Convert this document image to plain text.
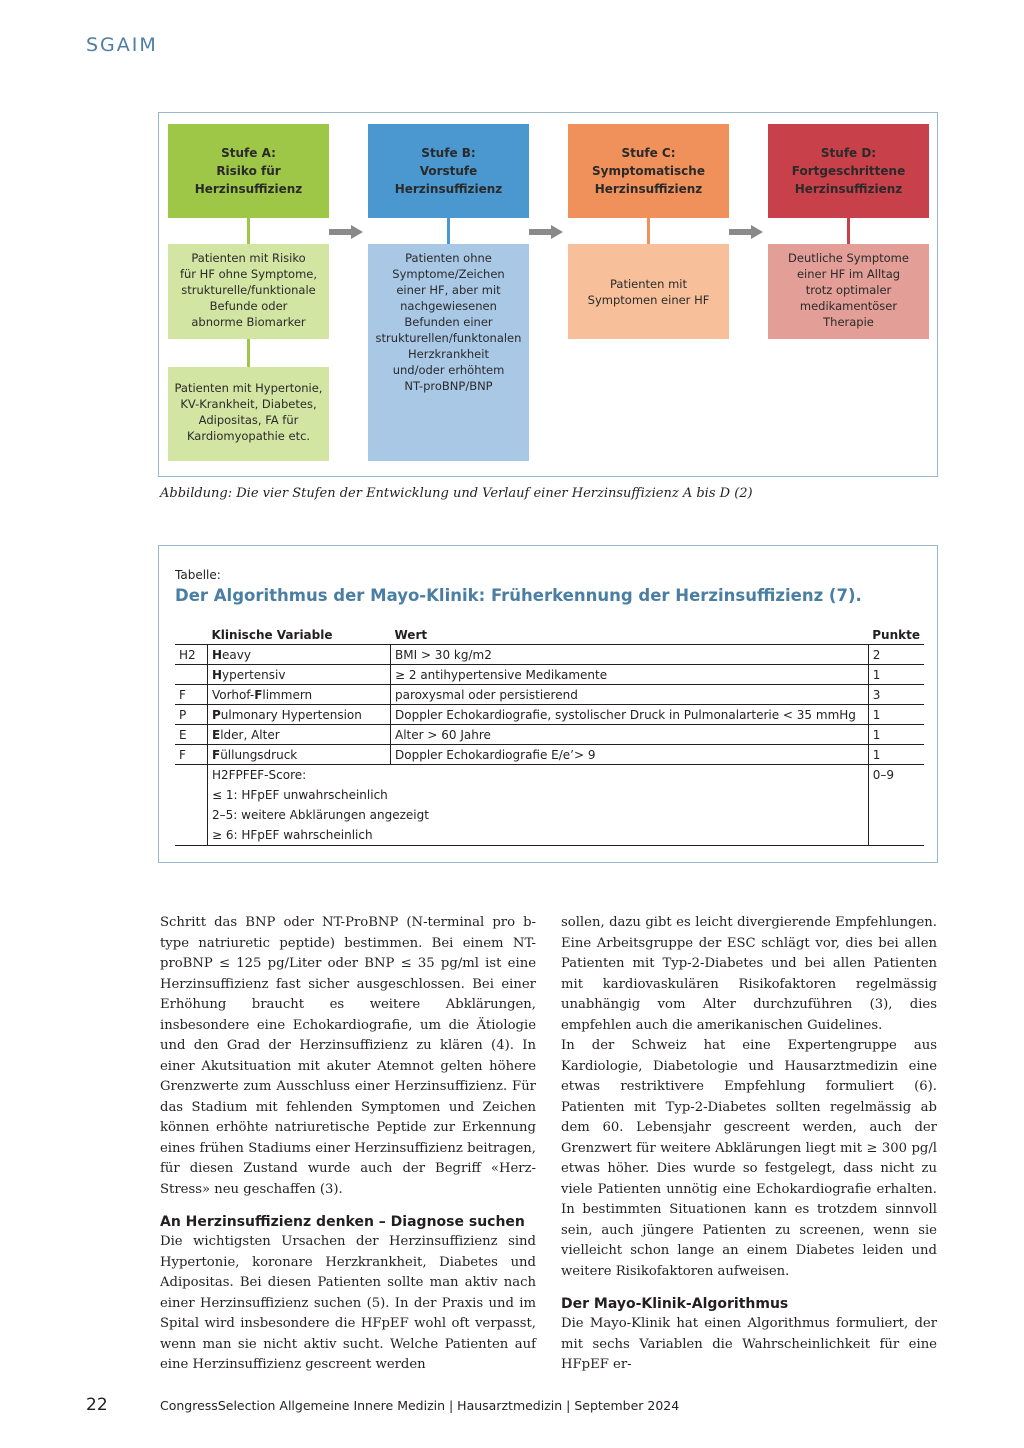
SGAIM
Stufe A:
Risiko für
Herzinsuffizienz
Patienten mit Risiko
für HF ohne Symptome,
strukturelle/funktionale
Befunde oder
abnorme Biomarker
Patienten mit Hypertonie,
KV-Krankheit, Diabetes,
Adipositas, FA für
Kardiomyopathie etc.
Stufe B:
Vorstufe
Herzinsuffizienz
Patienten ohne
Symptome/Zeichen
einer HF, aber mit
nachgewiesenen
Befunden einer
strukturellen/funktonalen
Herzkrankheit
und/oder erhöhtem
NT-proBNP/BNP
Stufe C:
Symptomatische
Herzinsuffizienz
Patienten mit
Symptomen einer HF
Stufe D:
Fortgeschrittene
Herzinsuffizienz
Deutliche Symptome
einer HF im Alltag
trotz optimaler
medikamentöser
Therapie
Abbildung: Die vier Stufen der Entwicklung und Verlauf einer Herzinsuffizienz A bis D (2)
Tabelle:
Der Algorithmus der Mayo-Klinik: Früherkennung der Herzinsuffizienz (7).
	Klinische Variable	Wert	Punkte
H2	Heavy	BMI > 30 kg/m2	2
	Hypertensiv	≥ 2 antihypertensive Medikamente	1
F	Vorhof-Flimmern	paroxysmal oder persistierend	3
P	Pulmonary Hypertension	Doppler Echokardiografie, systolischer Druck in Pulmonalarterie < 35 mmHg	1
E	Elder, Alter	Alter > 60 Jahre	1
F	Füllungsdruck	Doppler Echokardiografie E/e’> 9	1

	H2FPFEF-Score:
≤ 1: HFpEF unwahrscheinlich
2–5: weitere Abklärungen angezeigt
≥ 6: HFpEF wahrscheinlich		0–9

Schritt das BNP oder NT-ProBNP (N-terminal pro b-type natriuretic peptide) bestimmen. Bei einem NT-proBNP ≤ 125 pg/Liter oder BNP ≤ 35 pg/ml ist eine Herzinsuffizienz fast sicher ausgeschlossen. Bei einer Erhöhung braucht es weitere Abklärungen, insbesondere eine Echokardiografie, um die Ätiologie und den Grad der Herzinsuffizienz zu klären (4). In einer Akutsituation mit akuter Atemnot gelten höhere Grenzwerte zum Ausschluss einer Herzinsuffizienz. Für das Stadium mit fehlenden Symptomen und Zeichen können erhöhte natriuretische Peptide zur Erkennung eines frühen Stadiums einer Herzinsuffizienz beitragen, für diesen Zustand wurde auch der Begriff «Herz-Stress» neu geschaffen (3).

An Herzinsuffizienz denken – Diagnose suchen

Die wichtigsten Ursachen der Herzinsuffizienz sind Hypertonie, koronare Herzkrankheit, Diabetes und Adipositas. Bei diesen Patienten sollte man aktiv nach einer Herzinsuffizienz suchen (5). In der Praxis und im Spital wird insbesondere die HFpEF wohl oft verpasst, wenn man sie nicht aktiv sucht. Welche Patienten auf eine Herzinsuffizienz gescreent werden

sollen, dazu gibt es leicht divergierende Empfehlungen. Eine Arbeitsgruppe der ESC schlägt vor, dies bei allen Patienten mit Typ-2-Diabetes und bei allen Patienten mit kardiovaskulären Risikofaktoren regelmässig unabhängig vom Alter durchzuführen (3), dies empfehlen auch die amerikanischen Guidelines.

In der Schweiz hat eine Expertengruppe aus Kardiologie, Diabetologie und Hausarztmedizin eine etwas restriktivere Empfehlung formuliert (6). Patienten mit Typ-2-Diabetes sollten regelmässig ab dem 60. Lebensjahr gescreent werden, auch der Grenzwert für weitere Abklärungen liegt mit ≥ 300 pg/l etwas höher. Dies wurde so festgelegt, dass nicht zu viele Patienten unnötig eine Echokardiografie erhalten. In bestimmten Situationen kann es trotzdem sinnvoll sein, auch jüngere Patienten zu screenen, wenn sie vielleicht schon lange an einem Diabetes leiden und weitere Risikofaktoren aufweisen.

Der Mayo-Klinik-Algorithmus

Die Mayo-Klinik hat einen Algorithmus formuliert, der mit sechs Variablen die Wahrscheinlichkeit für eine HFpEF er-

22	CongressSelection Allgemeine Innere Medizin | Hausarztmedizin | September 2024
